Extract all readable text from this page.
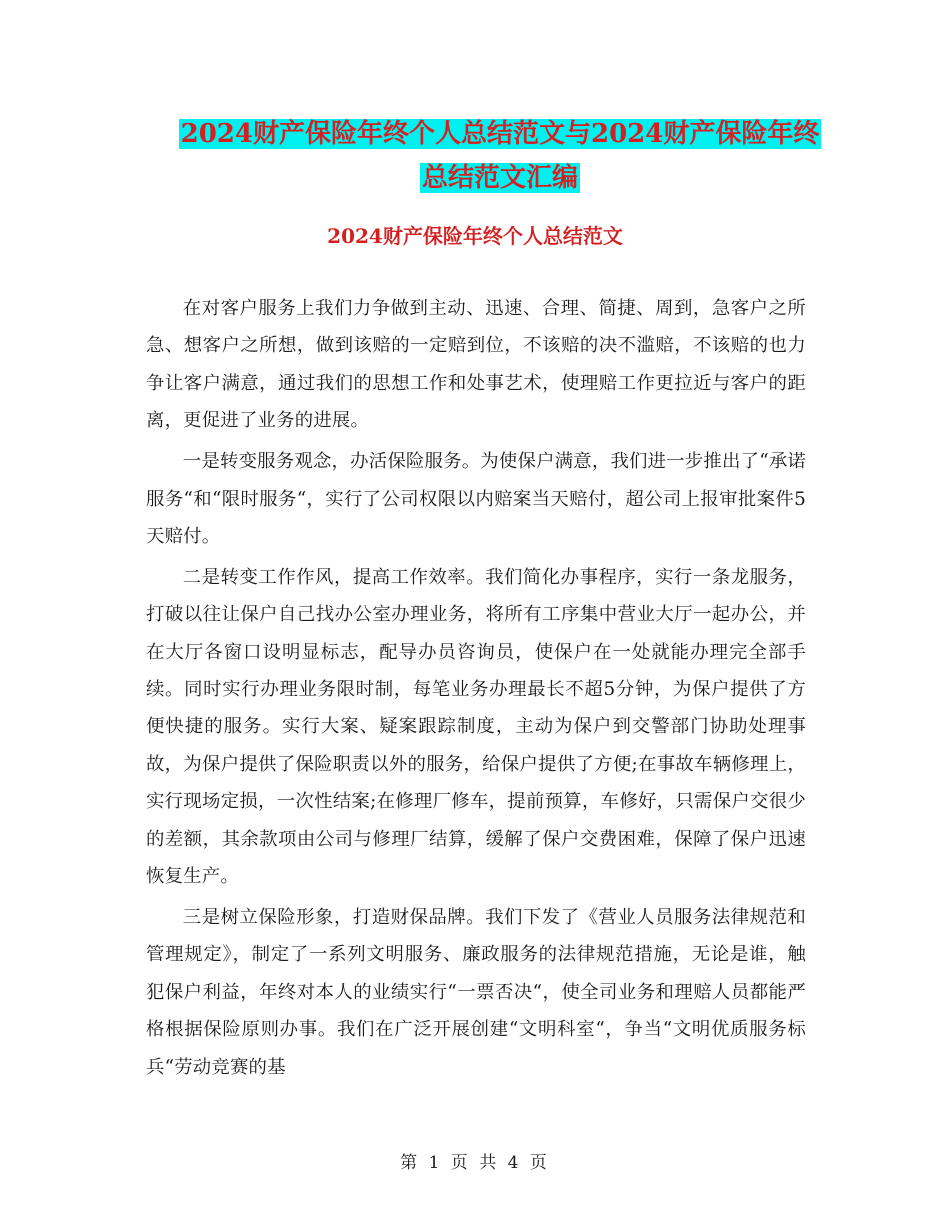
2024财产保险年终个人总结范文与2024财产保险年终
总结范文汇编
2024财产保险年终个人总结范文

在对客户服务上我们力争做到主动、迅速、合理、简捷、周到，急客户之所急、想客户之所想，做到该赔的一定赔到位，不该赔的决不滥赔，不该赔的也力争让客户满意，通过我们的思想工作和处事艺术，使理赔工作更拉近与客户的距离，更促进了业务的进展。

一是转变服务观念，办活保险服务。为使保户满意，我们进一步推出了“承诺服务“和“限时服务“，实行了公司权限以内赔案当天赔付，超公司上报审批案件5天赔付。

二是转变工作作风，提高工作效率。我们简化办事程序，实行一条龙服务，打破以往让保户自己找办公室办理业务，将所有工序集中营业大厅一起办公，并在大厅各窗口设明显标志，配导办员咨询员，使保户在一处就能办理完全部手续。同时实行办理业务限时制，每笔业务办理最长不超5分钟，为保户提供了方便快捷的服务。实行大案、疑案跟踪制度，主动为保户到交警部门协助处理事故，为保户提供了保险职责以外的服务，给保户提供了方便;在事故车辆修理上，实行现场定损，一次性结案;在修理厂修车，提前预算，车修好，只需保户交很少的差额，其余款项由公司与修理厂结算，缓解了保户交费困难，保障了保户迅速恢复生产。

三是树立保险形象，打造财保品牌。我们下发了《营业人员服务法律规范和管理规定》，制定了一系列文明服务、廉政服务的法律规范措施，无论是谁，触犯保户利益，年终对本人的业绩实行“一票否决“，使全司业务和理赔人员都能严格根据保险原则办事。我们在广泛开展创建“文明科室“，争当“文明优质服务标兵“劳动竞赛的基

第 1 页 共 4 页
